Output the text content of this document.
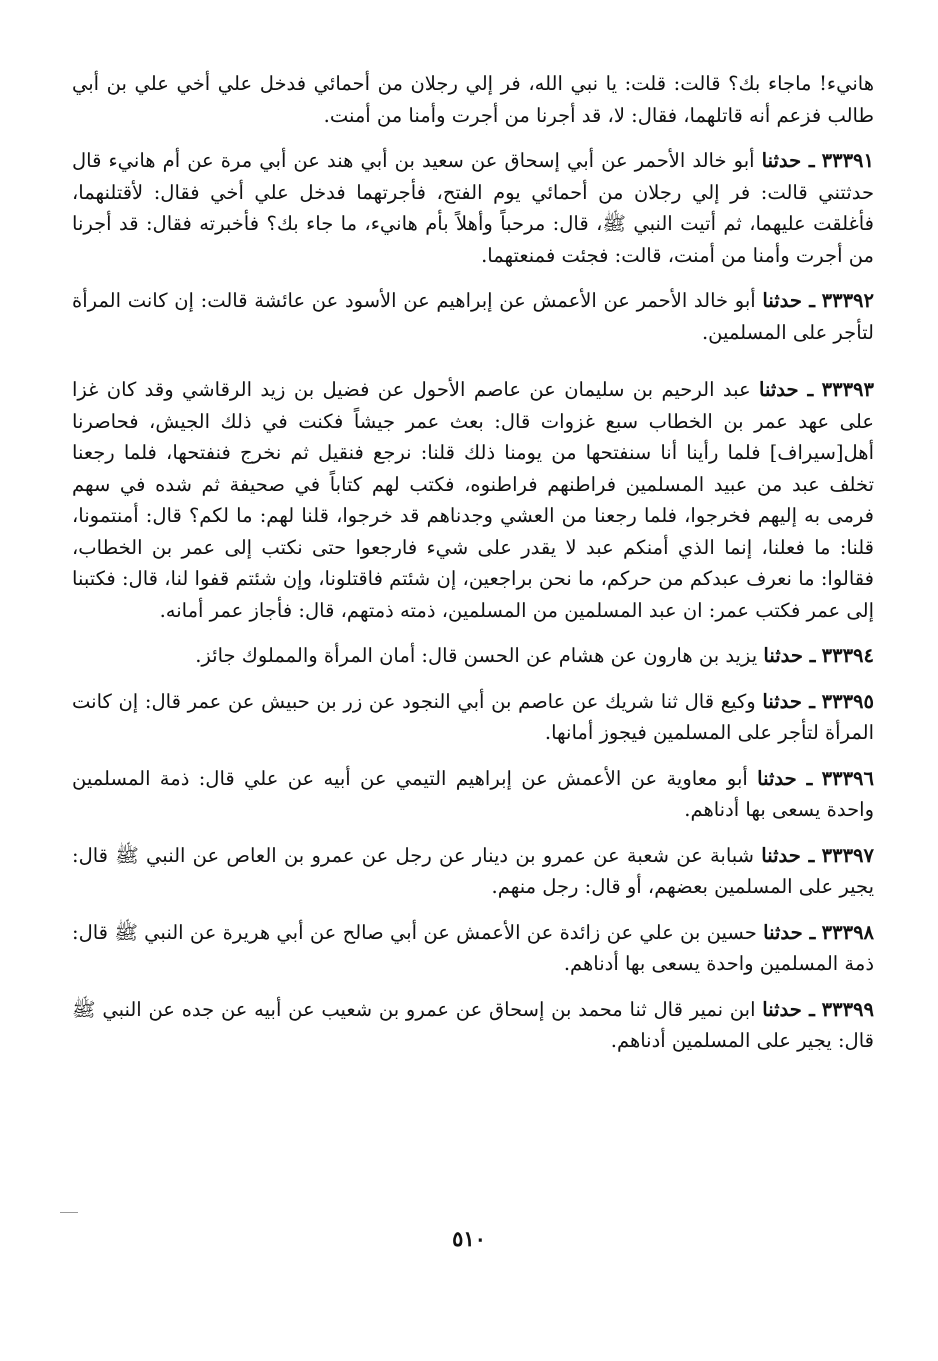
هانيء! ماجاء بك؟ قالت: قلت: يا نبي الله، فر إلي رجلان من أحمائي فدخل علي أخي علي بن أبي طالب فزعم أنه قاتلهما، فقال: لا، قد أجرنا من أجرت وأمنا من أمنت.

٣٣٣٩١ ـ حدثنا أبو خالد الأحمر عن أبي إسحاق عن سعيد بن أبي هند عن أبي مرة عن أم هانيء قال حدثتني قالت: فر إلي رجلان من أحمائي يوم الفتح، فأجرتهما فدخل علي أخي فقال: لأقتلنهما، فأغلقت عليهما، ثم أتيت النبي ﷺ، قال: مرحباً وأهلاً بأم هانيء، ما جاء بك؟ فأخبرته فقال: قد أجرنا من أجرت وأمنا من أمنت، قالت: فجئت فمنعتهما.

٣٣٣٩٢ ـ حدثنا أبو خالد الأحمر عن الأعمش عن إبراهيم عن الأسود عن عائشة قالت: إن كانت المرأة لتأجر على المسلمين.

٣٣٣٩٣ ـ حدثنا عبد الرحيم بن سليمان عن عاصم الأحول عن فضيل بن زيد الرقاشي وقد كان غزا على عهد عمر بن الخطاب سبع غزوات قال: بعث عمر جيشاً فكنت في ذلك الجيش، فحاصرنا أهل[سيراف] فلما رأينا أنا سنفتحها من يومنا ذلك قلنا: نرجع فنقيل ثم نخرج فنفتحها، فلما رجعنا تخلف عبد من عبيد المسلمين فراطنهم فراطنوه، فكتب لهم كتاباً في صحيفة ثم شده في سهم فرمى به إليهم فخرجوا، فلما رجعنا من العشي وجدناهم قد خرجوا، قلنا لهم: ما لكم؟ قال: أمنتمونا، قلنا: ما فعلنا، إنما الذي أمنكم عبد لا يقدر على شيء فارجعوا حتى نكتب إلى عمر بن الخطاب، فقالوا: ما نعرف عبدكم من حركم، ما نحن براجعين، إن شئتم فاقتلونا، وإن شئتم قفوا لنا، قال: فكتبنا إلى عمر فكتب عمر: ان عبد المسلمين من المسلمين، ذمته ذمتهم، قال: فأجاز عمر أمانه.

٣٣٣٩٤ ـ حدثنا يزيد بن هارون عن هشام عن الحسن قال: أمان المرأة والمملوك جائز.

٣٣٣٩٥ ـ حدثنا وكيع قال ثنا شريك عن عاصم بن أبي النجود عن زر بن حبيش عن عمر قال: إن كانت المرأة لتأجر على المسلمين فيجوز أمانها.

٣٣٣٩٦ ـ حدثنا أبو معاوية عن الأعمش عن إبراهيم التيمي عن أبيه عن علي قال: ذمة المسلمين واحدة يسعى بها أدناهم.

٣٣٣٩٧ ـ حدثنا شبابة عن شعبة عن عمرو بن دينار عن رجل عن عمرو بن العاص عن النبي ﷺ قال: يجير على المسلمين بعضهم، أو قال: رجل منهم.

٣٣٣٩٨ ـ حدثنا حسين بن علي عن زائدة عن الأعمش عن أبي صالح عن أبي هريرة عن النبي ﷺ قال: ذمة المسلمين واحدة يسعى بها أدناهم.

٣٣٣٩٩ ـ حدثنا ابن نمير قال ثنا محمد بن إسحاق عن عمرو بن شعيب عن أبيه عن جده عن النبي ﷺ قال: يجير على المسلمين أدناهم.

٥١٠
